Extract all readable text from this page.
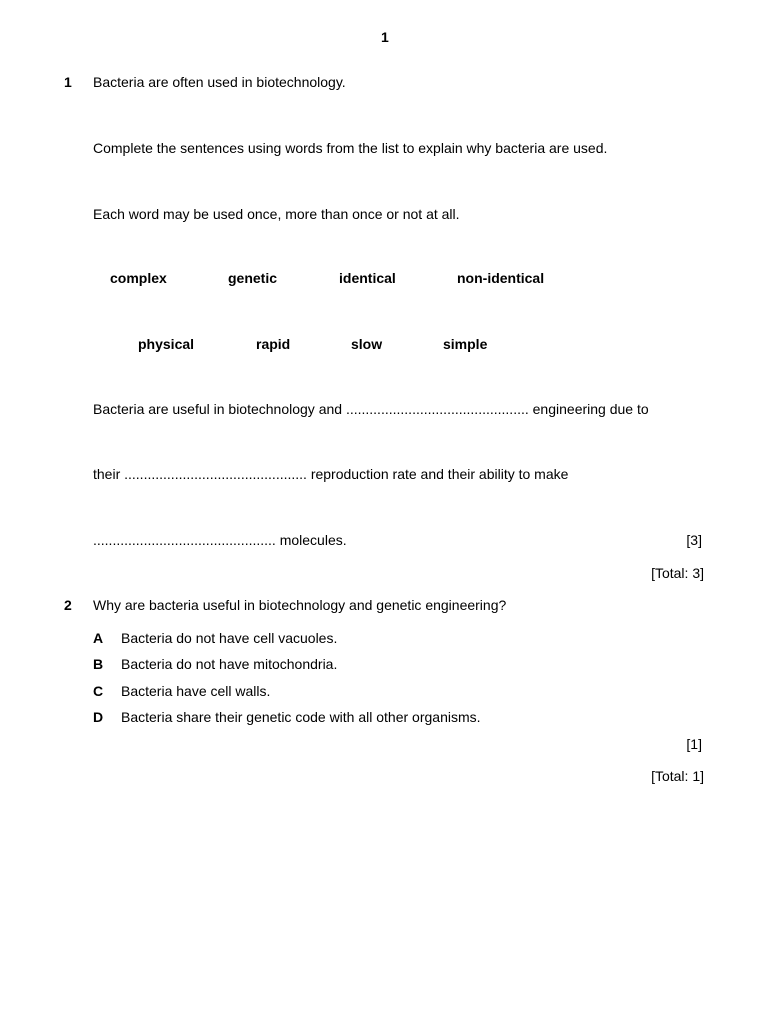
1
1 Bacteria are often used in biotechnology.
Complete the sentences using words from the list to explain why bacteria are used.
Each word may be used once, more than once or not at all.
complex	genetic	identical	non-identical
physical	rapid	slow	simple
Bacteria are useful in biotechnology and ............................................... engineering due to
their ............................................... reproduction rate and their ability to make
............................................... molecules.	[3]
[Total: 3]
2 Why are bacteria useful in biotechnology and genetic engineering?
A Bacteria do not have cell vacuoles.
B Bacteria do not have mitochondria.
C Bacteria have cell walls.
D Bacteria share their genetic code with all other organisms.
[1]
[Total: 1]
